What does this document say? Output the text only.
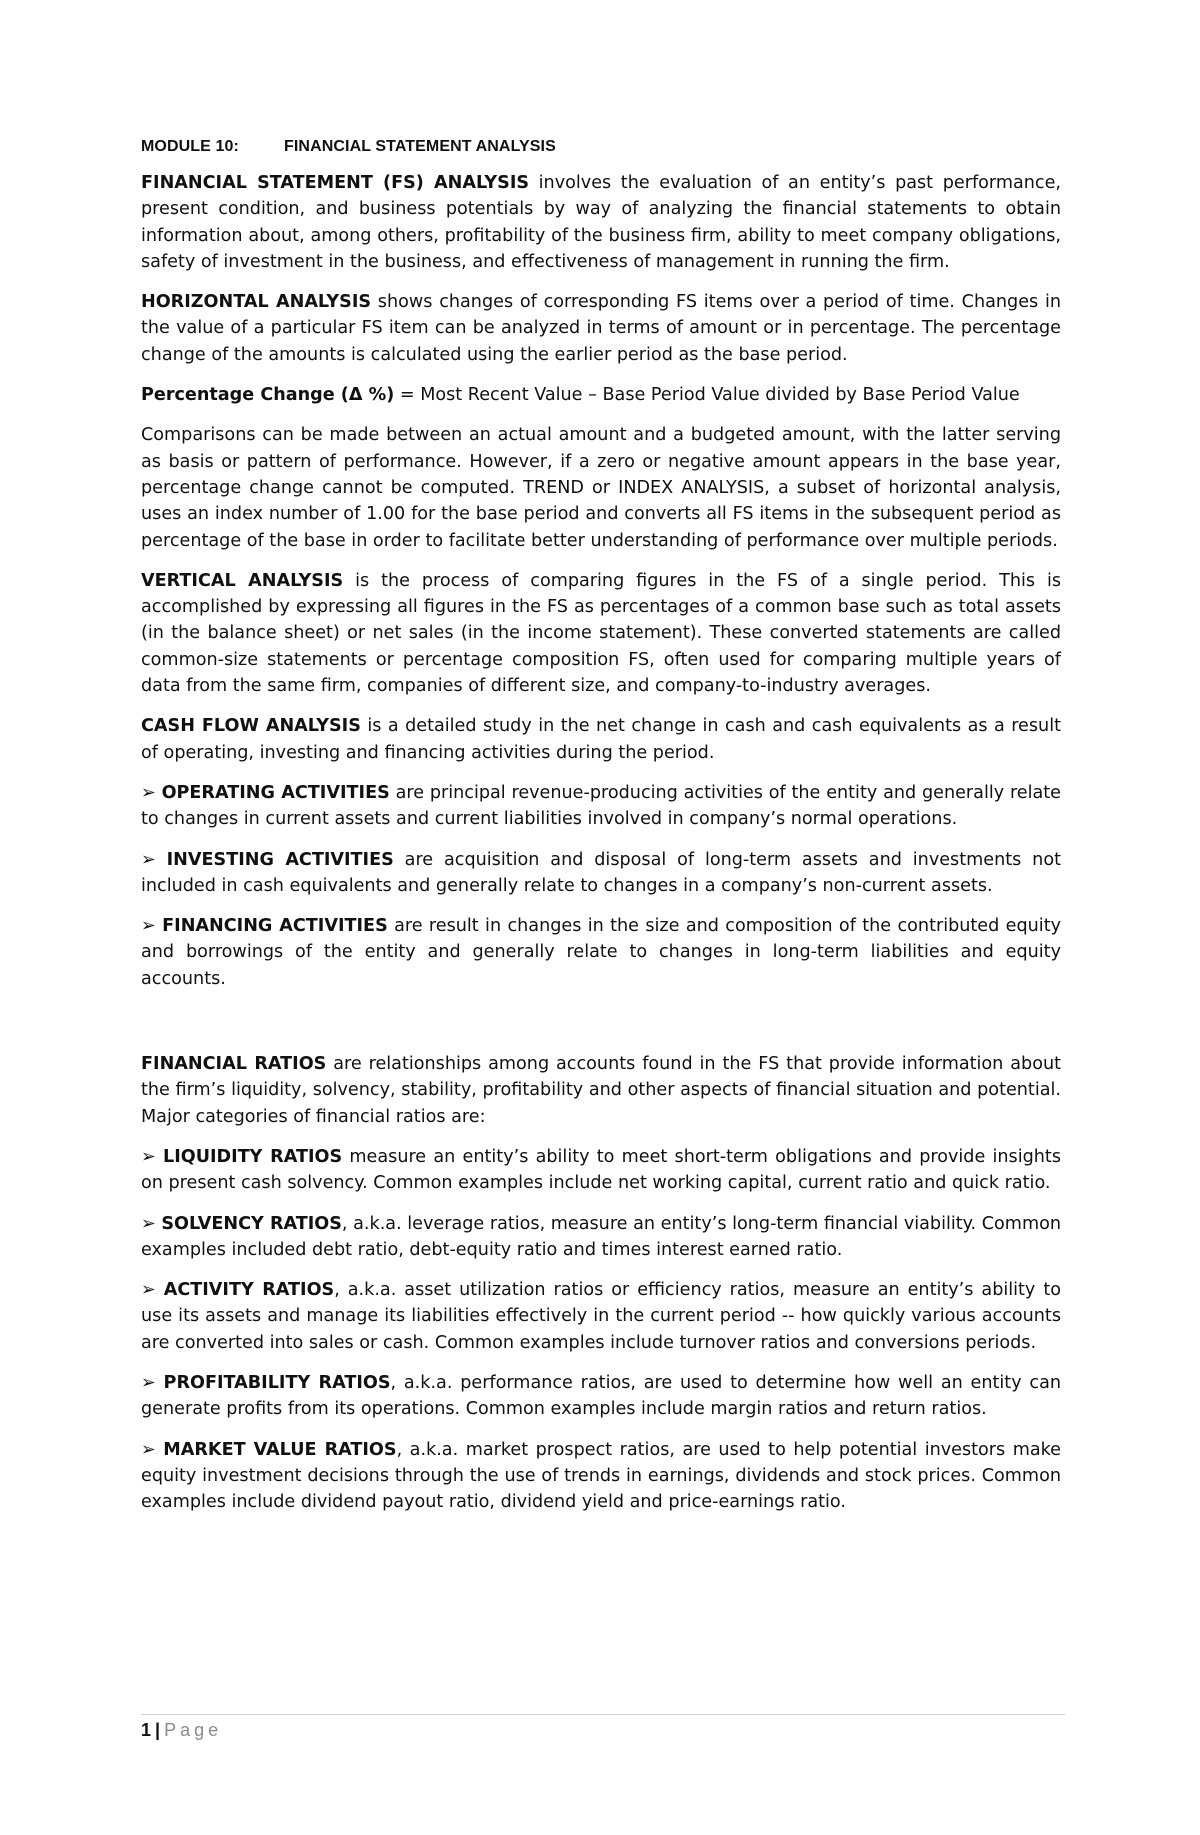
MODULE 10:	FINANCIAL STATEMENT ANALYSIS

FINANCIAL STATEMENT (FS) ANALYSIS involves the evaluation of an entity’s past performance, present condition, and business potentials by way of analyzing the financial statements to obtain information about, among others, profitability of the business firm, ability to meet company obligations, safety of investment in the business, and effectiveness of management in running the firm.

HORIZONTAL ANALYSIS shows changes of corresponding FS items over a period of time. Changes in the value of a particular FS item can be analyzed in terms of amount or in percentage. The percentage change of the amounts is calculated using the earlier period as the base period.

Percentage Change (Δ %) = Most Recent Value – Base Period Value divided by Base Period Value

Comparisons can be made between an actual amount and a budgeted amount, with the latter serving as basis or pattern of performance. However, if a zero or negative amount appears in the base year, percentage change cannot be computed. TREND or INDEX ANALYSIS, a subset of horizontal analysis, uses an index number of 1.00 for the base period and converts all FS items in the subsequent period as percentage of the base in order to facilitate better understanding of performance over multiple periods.

VERTICAL ANALYSIS is the process of comparing figures in the FS of a single period. This is accomplished by expressing all figures in the FS as percentages of a common base such as total assets (in the balance sheet) or net sales (in the income statement). These converted statements are called common-size statements or percentage composition FS, often used for comparing multiple years of data from the same firm, companies of different size, and company-to-industry averages.

CASH FLOW ANALYSIS is a detailed study in the net change in cash and cash equivalents as a result of operating, investing and financing activities during the period.

➢ OPERATING ACTIVITIES are principal revenue-producing activities of the entity and generally relate to changes in current assets and current liabilities involved in company’s normal operations.

➢ INVESTING ACTIVITIES are acquisition and disposal of long-term assets and investments not included in cash equivalents and generally relate to changes in a company’s non-current assets.

➢ FINANCING ACTIVITIES are result in changes in the size and composition of the contributed equity and borrowings of the entity and generally relate to changes in long-term liabilities and equity accounts.

FINANCIAL RATIOS are relationships among accounts found in the FS that provide information about the firm’s liquidity, solvency, stability, profitability and other aspects of financial situation and potential. Major categories of financial ratios are:

➢ LIQUIDITY RATIOS measure an entity’s ability to meet short-term obligations and provide insights on present cash solvency. Common examples include net working capital, current ratio and quick ratio.

➢ SOLVENCY RATIOS, a.k.a. leverage ratios, measure an entity’s long-term financial viability. Common examples included debt ratio, debt-equity ratio and times interest earned ratio.

➢ ACTIVITY RATIOS, a.k.a. asset utilization ratios or efficiency ratios, measure an entity’s ability to use its assets and manage its liabilities effectively in the current period -- how quickly various accounts are converted into sales or cash. Common examples include turnover ratios and conversions periods.

➢ PROFITABILITY RATIOS, a.k.a. performance ratios, are used to determine how well an entity can generate profits from its operations. Common examples include margin ratios and return ratios.

➢ MARKET VALUE RATIOS, a.k.a. market prospect ratios, are used to help potential investors make equity investment decisions through the use of trends in earnings, dividends and stock prices. Common examples include dividend payout ratio, dividend yield and price-earnings ratio.

1 | Page
